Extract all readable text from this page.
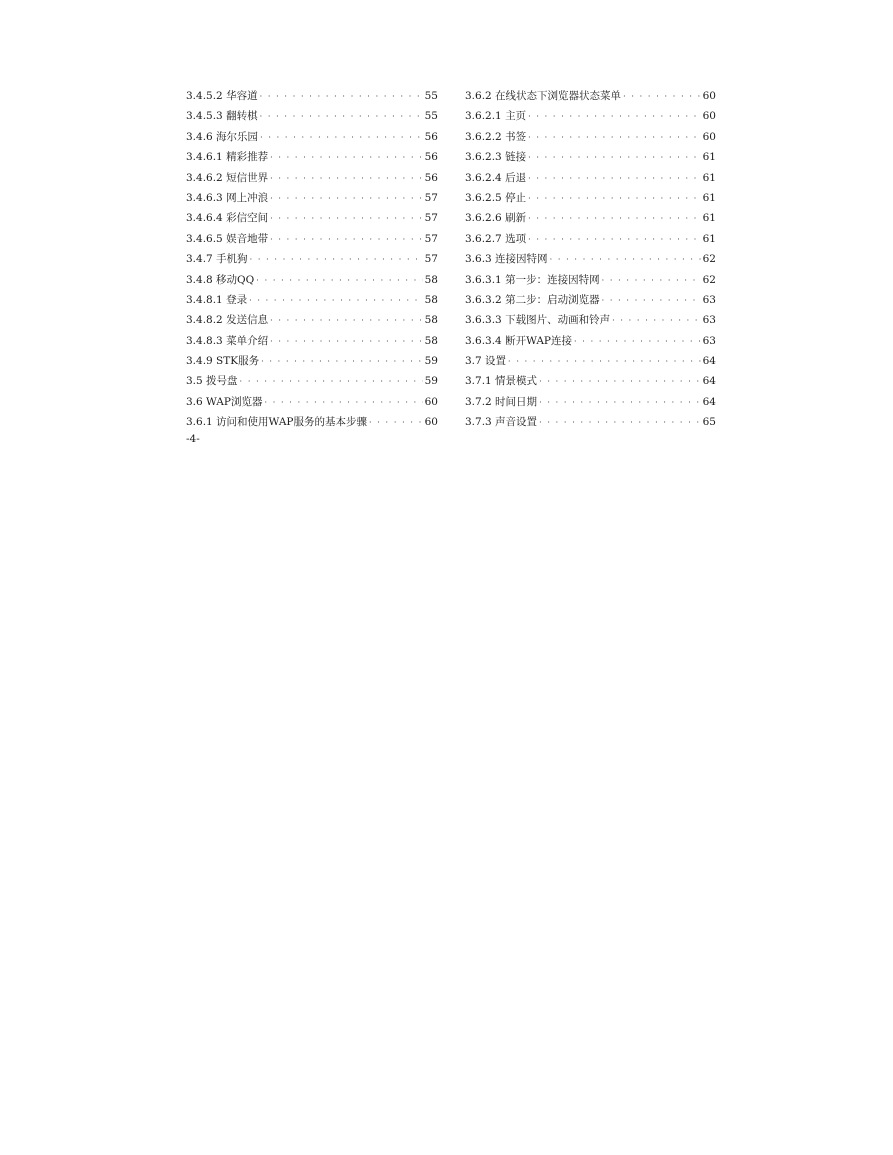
3.4.5.2 华容道 · · ·	55
3.4.5.3 翻转棋 · · ·	55
3.4.6 海尔乐园 · · ·	56
3.4.6.1 精彩推荐 · · ·	56
3.4.6.2 短信世界 · · ·	56
3.4.6.3 网上冲浪 · · ·	57
3.4.6.4 彩信空间 · · ·	57
3.4.6.5 娱音地带 · · ·	57
3.4.7 手机狗 · · ·	57
3.4.8 移动QQ · · ·	58
3.4.8.1 登录 · · ·	58
3.4.8.2 发送信息 · · ·	58
3.4.8.3 菜单介绍 · · ·	58
3.4.9 STK服务 · · ·	59
3.5 拨号盘 · · ·	59
3.6 WAP浏览器 · · ·	60
3.6.1 访问和使用WAP服务的基本步骤 · · ·	60
3.6.2 在线状态下浏览器状态菜单 · · ·	60
3.6.2.1 主页 · · ·	60
3.6.2.2 书签 · · ·	60
3.6.2.3 链接 · · ·	61
3.6.2.4 后退 · · ·	61
3.6.2.5 停止 · · ·	61
3.6.2.6 刷新 · · ·	61
3.6.2.7 选项 · · ·	61
3.6.3 连接因特网 · · ·	62
3.6.3.1 第一步：连接因特网 · · ·	62
3.6.3.2 第二步：启动浏览器 · · ·	63
3.6.3.3 下载图片、动画和铃声 · · ·	63
3.6.3.4 断开WAP连接 · · ·	63
3.7 设置 · · ·	64
3.7.1 情景模式 · · ·	64
3.7.2 时间日期 · · ·	64
3.7.3 声音设置 · · ·	65
-4-
